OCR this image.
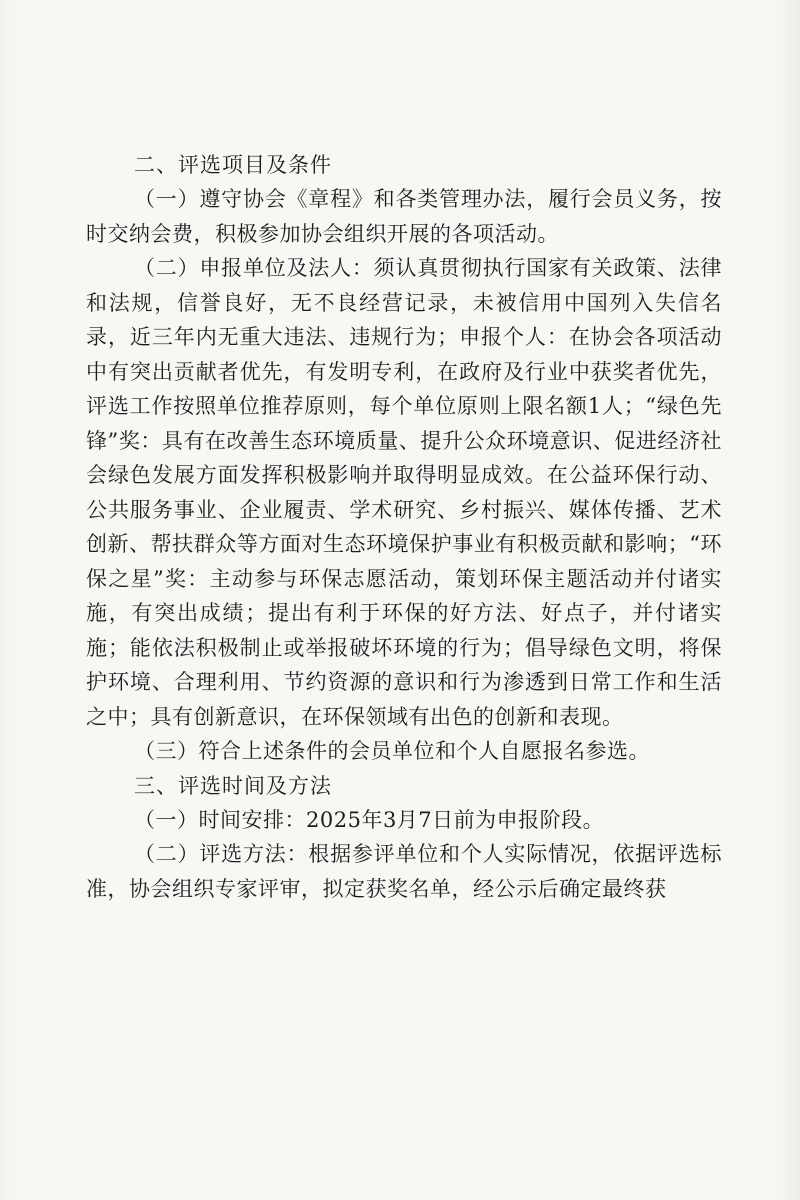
二、评选项目及条件

（一）遵守协会《章程》和各类管理办法，履行会员义务，按时交纳会费，积极参加协会组织开展的各项活动。

（二）申报单位及法人：须认真贯彻执行国家有关政策、法律和法规，信誉良好，无不良经营记录，未被信用中国列入失信名录，近三年内无重大违法、违规行为；申报个人：在协会各项活动中有突出贡献者优先，有发明专利，在政府及行业中获奖者优先，评选工作按照单位推荐原则，每个单位原则上限名额1人；“绿色先锋”奖：具有在改善生态环境质量、提升公众环境意识、促进经济社会绿色发展方面发挥积极影响并取得明显成效。在公益环保行动、公共服务事业、企业履责、学术研究、乡村振兴、媒体传播、艺术创新、帮扶群众等方面对生态环境保护事业有积极贡献和影响；“环保之星”奖：主动参与环保志愿活动，策划环保主题活动并付诸实施，有突出成绩；提出有利于环保的好方法、好点子，并付诸实施；能依法积极制止或举报破坏环境的行为；倡导绿色文明，将保护环境、合理利用、节约资源的意识和行为渗透到日常工作和生活之中；具有创新意识，在环保领域有出色的创新和表现。

（三）符合上述条件的会员单位和个人自愿报名参选。

三、评选时间及方法

（一）时间安排：2025年3月7日前为申报阶段。

（二）评选方法：根据参评单位和个人实际情况，依据评选标准，协会组织专家评审，拟定获奖名单，经公示后确定最终获
